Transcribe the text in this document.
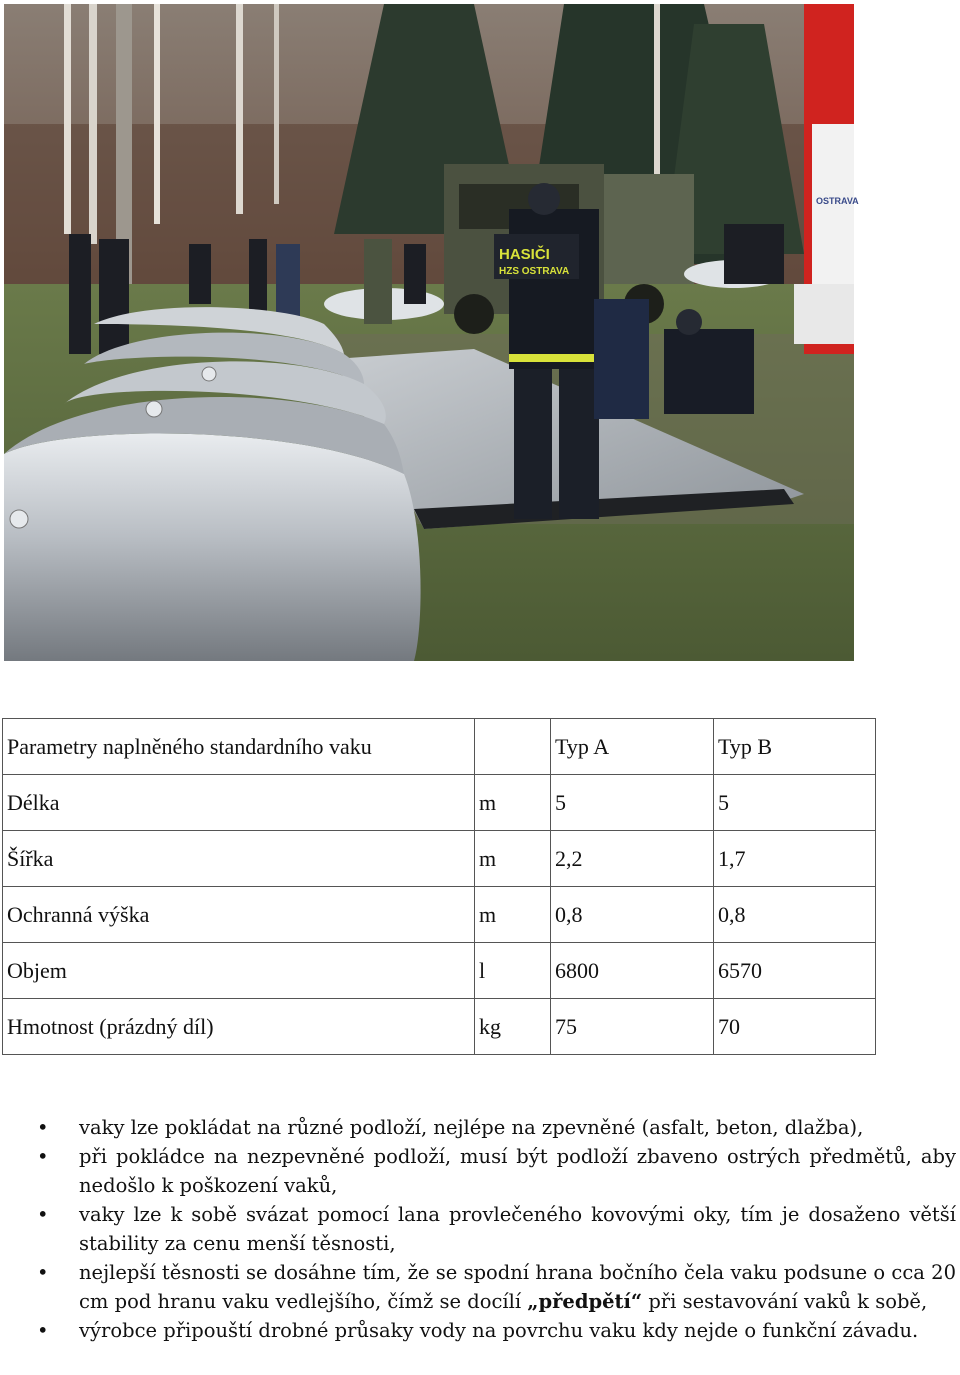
OSTRAVA
HASIČI
HZS OSTRAVA
Parametry naplněného standardního vaku		Typ A	Typ B
Délka	m	5	5
Šířka	m	2,2	1,7
Ochranná výška	m	0,8	0,8
Objem	l	6800	6570
Hmotnost (prázdný díl)	kg	75	70
• vaky lze pokládat na různé podloží, nejlépe na zpevněné (asfalt, beton, dlažba),
• při pokládce na nezpevněné podloží, musí být podloží zbaveno ostrých předmětů, aby nedošlo k poškození vaků,
• vaky lze k sobě svázat pomocí lana provlečeného kovovými oky, tím je dosaženo větší stability za cenu menší těsnosti,
• nejlepší těsnosti se dosáhne tím, že se spodní hrana bočního čela vaku podsune o cca 20 cm pod hranu vaku vedlejšího, čímž se docílí „předpětí“ při sestavování vaků k sobě,
• výrobce připouští drobné průsaky vody na povrchu vaku kdy nejde o funkční závadu.
